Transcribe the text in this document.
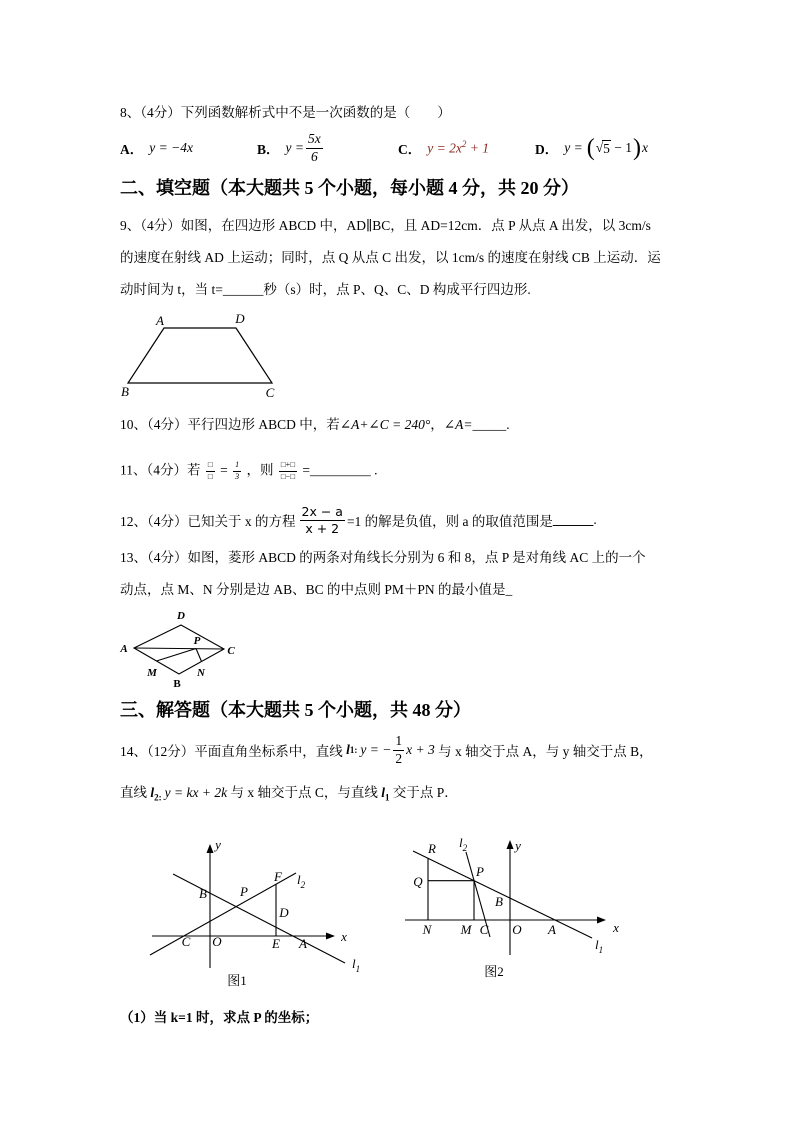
8、（4分）下列函数解析式中不是一次函数的是（　　）
A． y = −4x	B． $y = \frac{5x}{6}$	C． $y = 2x^2 + 1$	D． y = ( √ 5 − 1 ) x
二、填空题（本大题共 5 个小题，每小题 4 分，共 20 分）
9、（4分）如图，在四边形 ABCD 中，AD∥BC，且 AD=12cm．点 P 从点 A 出发，以 3cm/s
的速度在射线 AD 上运动；同时，点 Q 从点 C 出发，以 1cm/s 的速度在射线 CB 上运动．运
动时间为 t，当 t=______秒（s）时，点 P、Q、C、D 构成平行四边形.
A	D
B	C
10、（4分）平行四边形 ABCD 中，若∠A+∠C = 240°，∠A=_____.
11、（4分）若 $\frac{□}{□} = \frac{1}{3}$ ，则 $\frac{□+□}{□-□}$ =_________ .
12、（4分）已知关于 x 的方程 $\frac{2x - a}{x + 2} =1$ 的解是负值，则 a 的取值范围是 ______ .
13、（4分）如图，菱形 ABCD 的两条对角线长分别为 6 和 8，点 P 是对角线 AC 上的一个
动点，点 M、N 分别是边 AB、BC 的中点则 PM＋PN 的最小值是_
D
A
P
C
M	N
B
三、解答题（本大题共 5 个小题，共 48 分）
14、（12分）平面直角坐标系中，直线 l 1: y = − $\frac{1}{2}$ x + 3 与 x 轴交于点 A，与 y 轴交于点 B，
直线 $l_{2:}$ y = kx + 2k 与 x 轴交于点 C，与直线 $l_1$ 交于点 P．
y
F $l_2$
B	P
D
C O	E A	x
$l_1$
图1
R $l_2$	y
Q
P
B
N M C O A	x
$l_1$
图2
（1）当 k=1 时，求点 P 的坐标；
